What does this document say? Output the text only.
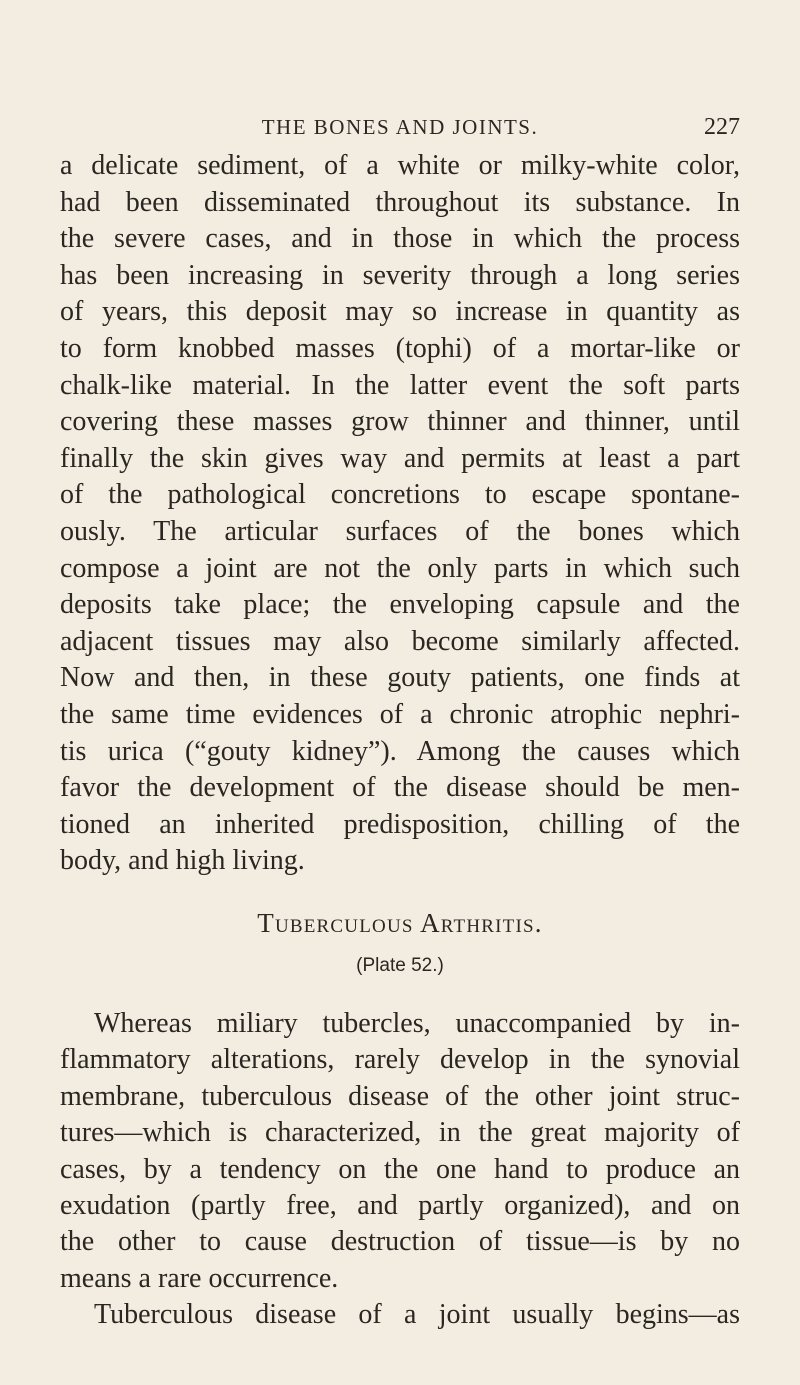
THE BONES AND JOINTS.	227
a delicate sediment, of a white or milky-white color,
had been disseminated throughout its substance. In
the severe cases, and in those in which the process
has been increasing in severity through a long series
of years, this deposit may so increase in quantity as
to form knobbed masses (tophi) of a mortar-like or
chalk-like material. In the latter event the soft parts
covering these masses grow thinner and thinner, until
finally the skin gives way and permits at least a part
of the pathological concretions to escape spontane-
ously. The articular surfaces of the bones which
compose a joint are not the only parts in which such
deposits take place; the enveloping capsule and the
adjacent tissues may also become similarly affected.
Now and then, in these gouty patients, one finds at
the same time evidences of a chronic atrophic nephri-
tis urica (“gouty kidney”). Among the causes which
favor the development of the disease should be men-
tioned an inherited predisposition, chilling of the
body, and high living.
Tuberculous Arthritis.
(Plate 52.)
Whereas miliary tubercles, unaccompanied by in-
flammatory alterations, rarely develop in the synovial
membrane, tuberculous disease of the other joint struc-
tures—which is characterized, in the great majority of
cases, by a tendency on the one hand to produce an
exudation (partly free, and partly organized), and on
the other to cause destruction of tissue—is by no
means a rare occurrence.
Tuberculous disease of a joint usually begins—as
